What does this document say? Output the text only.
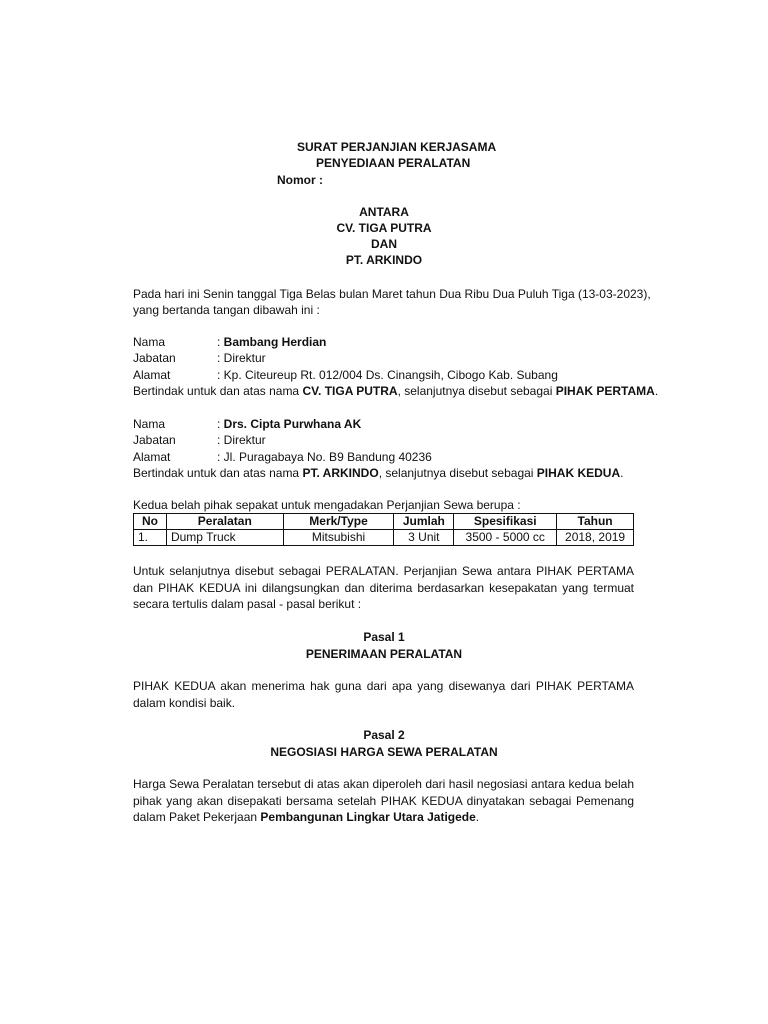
SURAT PERJANJIAN KERJASAMA
PENYEDIAAN PERALATAN
Nomor :
ANTARA
CV. TIGA PUTRA
DAN
PT. ARKINDO
Pada hari ini Senin tanggal Tiga Belas bulan Maret tahun Dua Ribu Dua Puluh Tiga (13-03-2023),
yang bertanda tangan dibawah ini :
Nama	: Bambang Herdian
Jabatan	: Direktur
Alamat	: Kp. Citeureup Rt. 012/004 Ds. Cinangsih, Cibogo Kab. Subang
Bertindak untuk dan atas nama CV. TIGA PUTRA, selanjutnya disebut sebagai PIHAK PERTAMA.
Nama	: Drs. Cipta Purwhana AK
Jabatan	: Direktur
Alamat	: Jl. Puragabaya No. B9 Bandung 40236
Bertindak untuk dan atas nama PT. ARKINDO, selanjutnya disebut sebagai PIHAK KEDUA.
Kedua belah pihak sepakat untuk mengadakan Perjanjian Sewa berupa :
No	Peralatan	Merk/Type	Jumlah	Spesifikasi	Tahun
1.	Dump Truck	Mitsubishi	3 Unit	3500 - 5000 cc	2018, 2019
Untuk selanjutnya disebut sebagai PERALATAN. Perjanjian Sewa antara PIHAK PERTAMA dan PIHAK KEDUA ini dilangsungkan dan diterima berdasarkan kesepakatan yang termuat secara tertulis dalam pasal - pasal berikut :
Pasal 1
PENERIMAAN PERALATAN
PIHAK KEDUA akan menerima hak guna dari apa yang disewanya dari PIHAK PERTAMA dalam kondisi baik.
Pasal 2
NEGOSIASI HARGA SEWA PERALATAN
Harga Sewa Peralatan tersebut di atas akan diperoleh dari hasil negosiasi antara kedua belah pihak yang akan disepakati bersama setelah PIHAK KEDUA dinyatakan sebagai Pemenang dalam Paket Pekerjaan Pembangunan Lingkar Utara Jatigede.
